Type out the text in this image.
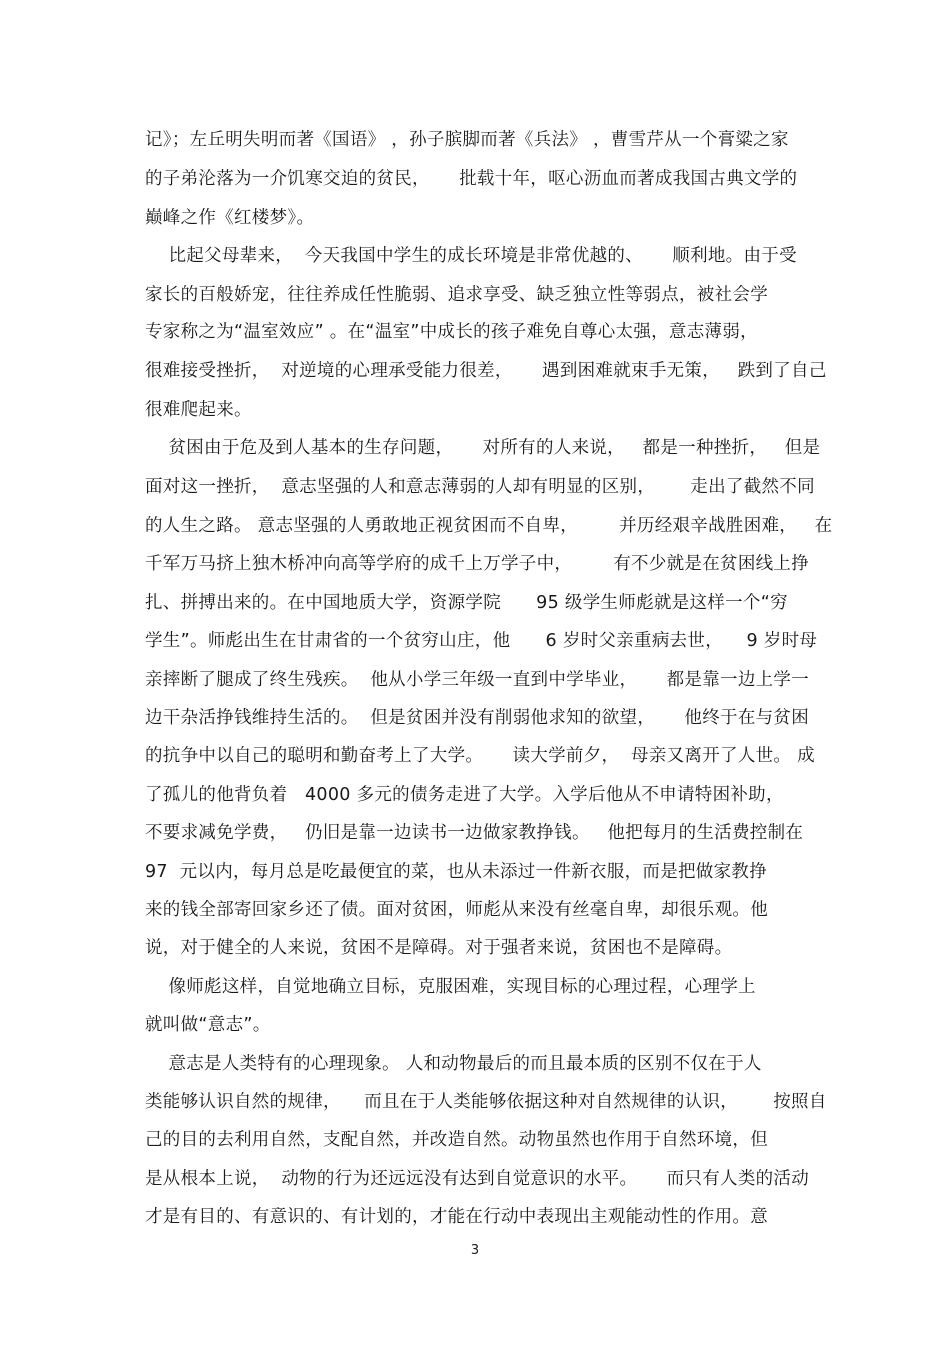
记》；左丘明失明而著《国语》 ，孙子膑脚而著《兵法》 ，曹雪芹从一个膏粱之家
的子弟沦落为一介饥寒交迫的贫民，     批载十年，呕心沥血而著成我国古典文学的
巅峰之作《红楼梦》。
比起父母辈来，  今天我国中学生的成长环境是非常优越的、     顺利地。由于受
家长的百般娇宠，往往养成任性脆弱、追求享受、缺乏独立性等弱点，被社会学
专家称之为“温室效应” 。在“温室”中成长的孩子难免自尊心太强，意志薄弱，
很难接受挫折，  对逆境的心理承受能力很差，     遇到困难就束手无策，   跌到了自己
很难爬起来。
贫困由于危及到人基本的生存问题，     对所有的人来说，   都是一种挫折，   但是
面对这一挫折，  意志坚强的人和意志薄弱的人却有明显的区别，      走出了截然不同
的人生之路。 意志坚强的人勇敢地正视贫困而不自卑，       并历经艰辛战胜困难，   在
千军万马挤上独木桥冲向高等学府的成千上万学子中，       有不少就是在贫困线上挣
扎、拼搏出来的。在中国地质大学，资源学院      95 级学生师彪就是这样一个“穷
学生”。师彪出生在甘肃省的一个贫穷山庄，他      6 岁时父亲重病去世，    9 岁时母
亲摔断了腿成了终生残疾。  他从小学三年级一直到中学毕业，     都是靠一边上学一
边干杂活挣钱维持生活的。  但是贫困并没有削弱他求知的欲望，     他终于在与贫困
的抗争中以自己的聪明和勤奋考上了大学。     读大学前夕，  母亲又离开了人世。 成
了孤儿的他背负着   4000 多元的债务走进了大学。入学后他从不申请特困补助，
不要求减免学费，   仍旧是靠一边读书一边做家教挣钱。   他把每月的生活费控制在
97  元以内，每月总是吃最便宜的菜，也从未添过一件新衣服，而是把做家教挣
来的钱全部寄回家乡还了债。面对贫困，师彪从来没有丝毫自卑，却很乐观。他
说，对于健全的人来说，贫困不是障碍。对于强者来说，贫困也不是障碍。
像师彪这样，自觉地确立目标，克服困难，实现目标的心理过程，心理学上
就叫做“意志”。
意志是人类特有的心理现象。 人和动物最后的而且最本质的区别不仅在于人
类能够认识自然的规律，    而且在于人类能够依据这种对自然规律的认识，      按照自
己的目的去利用自然，支配自然，并改造自然。动物虽然也作用于自然环境，但
是从根本上说，  动物的行为还远远没有达到自觉意识的水平。     而只有人类的活动
才是有目的、有意识的、有计划的，才能在行动中表现出主观能动性的作用。意
3
